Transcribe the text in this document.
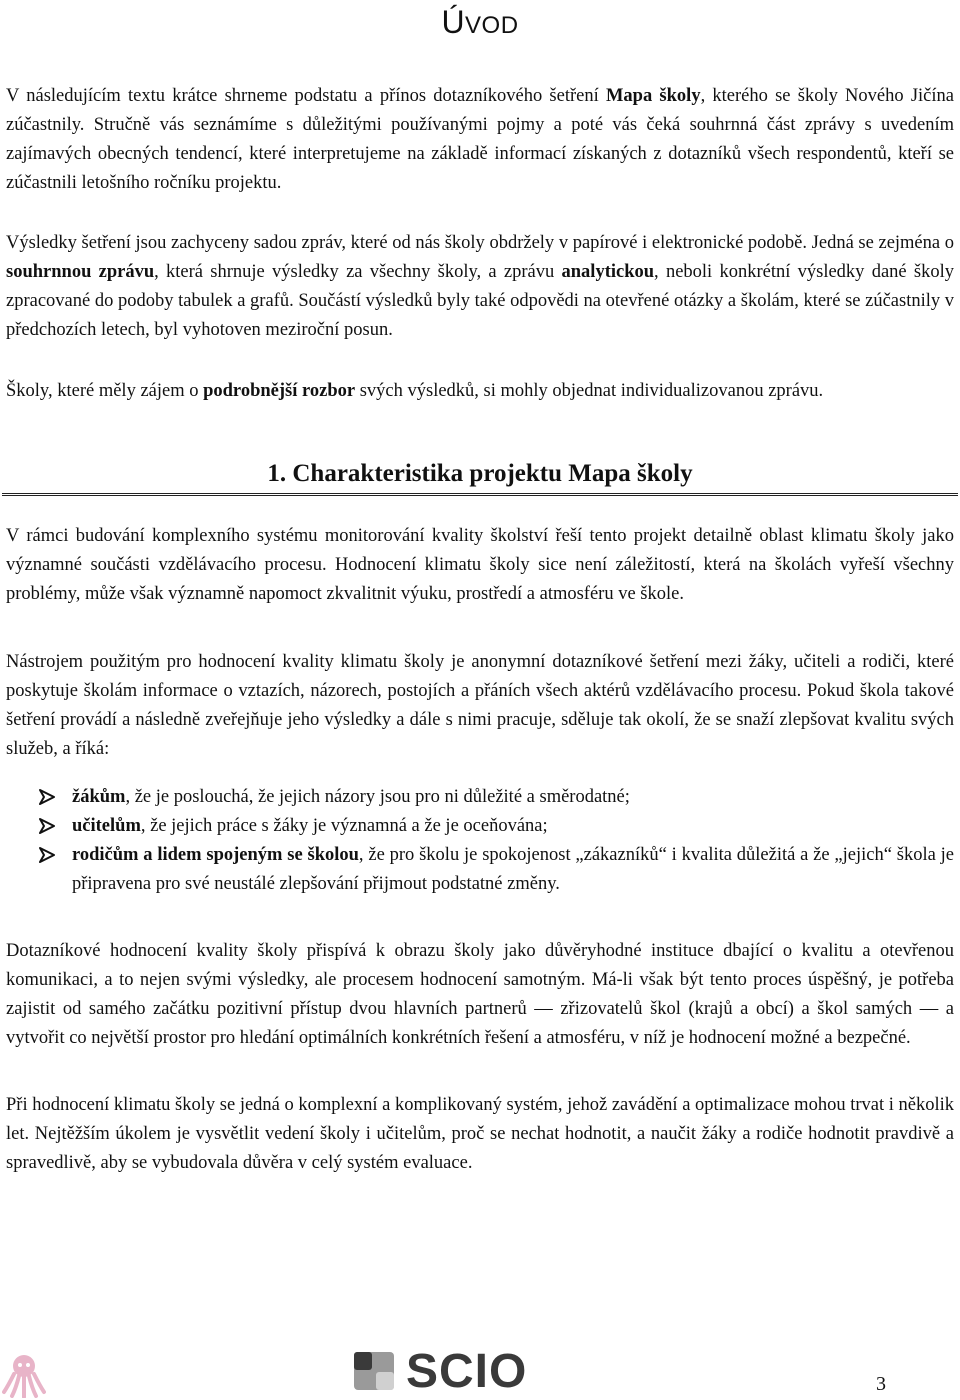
ÚVOD

V následujícím textu krátce shrneme podstatu a přínos dotazníkového šetření Mapa školy, kterého se školy Nového Jičína zúčastnily. Stručně vás seznámíme s důležitými používanými pojmy a poté vás čeká souhrnná část zprávy s uvedením zajímavých obecných tendencí, které interpretujeme na základě informací získaných z dotazníků všech respondentů, kteří se zúčastnili letošního ročníku projektu.

Výsledky šetření jsou zachyceny sadou zpráv, které od nás školy obdržely v papírové i elektronické podobě. Jedná se zejména o souhrnnou zprávu, která shrnuje výsledky za všechny školy, a zprávu analytickou, neboli konkrétní výsledky dané školy zpracované do podoby tabulek a grafů. Součástí výsledků byly také odpovědi na otevřené otázky a školám, které se zúčastnily v předchozích letech, byl vyhotoven meziroční posun.

Školy, které měly zájem o podrobnější rozbor svých výsledků, si mohly objednat individualizovanou zprávu.

1. Charakteristika projektu Mapa školy

V rámci budování komplexního systému monitorování kvality školství řeší tento projekt detailně oblast klimatu školy jako významné součásti vzdělávacího procesu. Hodnocení klimatu školy sice není záležitostí, která na školách vyřeší všechny problémy, může však významně napomoct zkvalitnit výuku, prostředí a atmosféru ve škole.

Nástrojem použitým pro hodnocení kvality klimatu školy je anonymní dotazníkové šetření mezi žáky, učiteli a rodiči, které poskytuje školám informace o vztazích, názorech, postojích a přáních všech aktérů vzdělávacího procesu. Pokud škola takové šetření provádí a následně zveřejňuje jeho výsledky a dále s nimi pracuje, sděluje tak okolí, že se snaží zlepšovat kvalitu svých služeb, a říká:

žákům, že je poslouchá, že jejich názory jsou pro ni důležité a směrodatné;
učitelům, že jejich práce s žáky je významná a že je oceňována;
rodičům a lidem spojeným se školou, že pro školu je spokojenost „zákazníků“ i kvalita důležitá a že „jejich“ škola je připravena pro své neustálé zlepšování přijmout podstatné změny.

Dotazníkové hodnocení kvality školy přispívá k obrazu školy jako důvěryhodné instituce dbající o kvalitu a otevřenou komunikaci, a to nejen svými výsledky, ale procesem hodnocení samotným. Má-li však být tento proces úspěšný, je potřeba zajistit od samého začátku pozitivní přístup dvou hlavních partnerů — zřizovatelů škol (krajů a obcí) a škol samých — a vytvořit co největší prostor pro hledání optimálních konkrétních řešení a atmosféru, v níž je hodnocení možné a bezpečné.

Při hodnocení klimatu školy se jedná o komplexní a komplikovaný systém, jehož zavádění a optimalizace mohou trvat i několik let. Nejtěžším úkolem je vysvětlit vedení školy i učitelům, proč se nechat hodnotit, a naučit žáky a rodiče hodnotit pravdivě a spravedlivě, aby se vybudovala důvěra v celý systém evaluace.

SCIO	3
